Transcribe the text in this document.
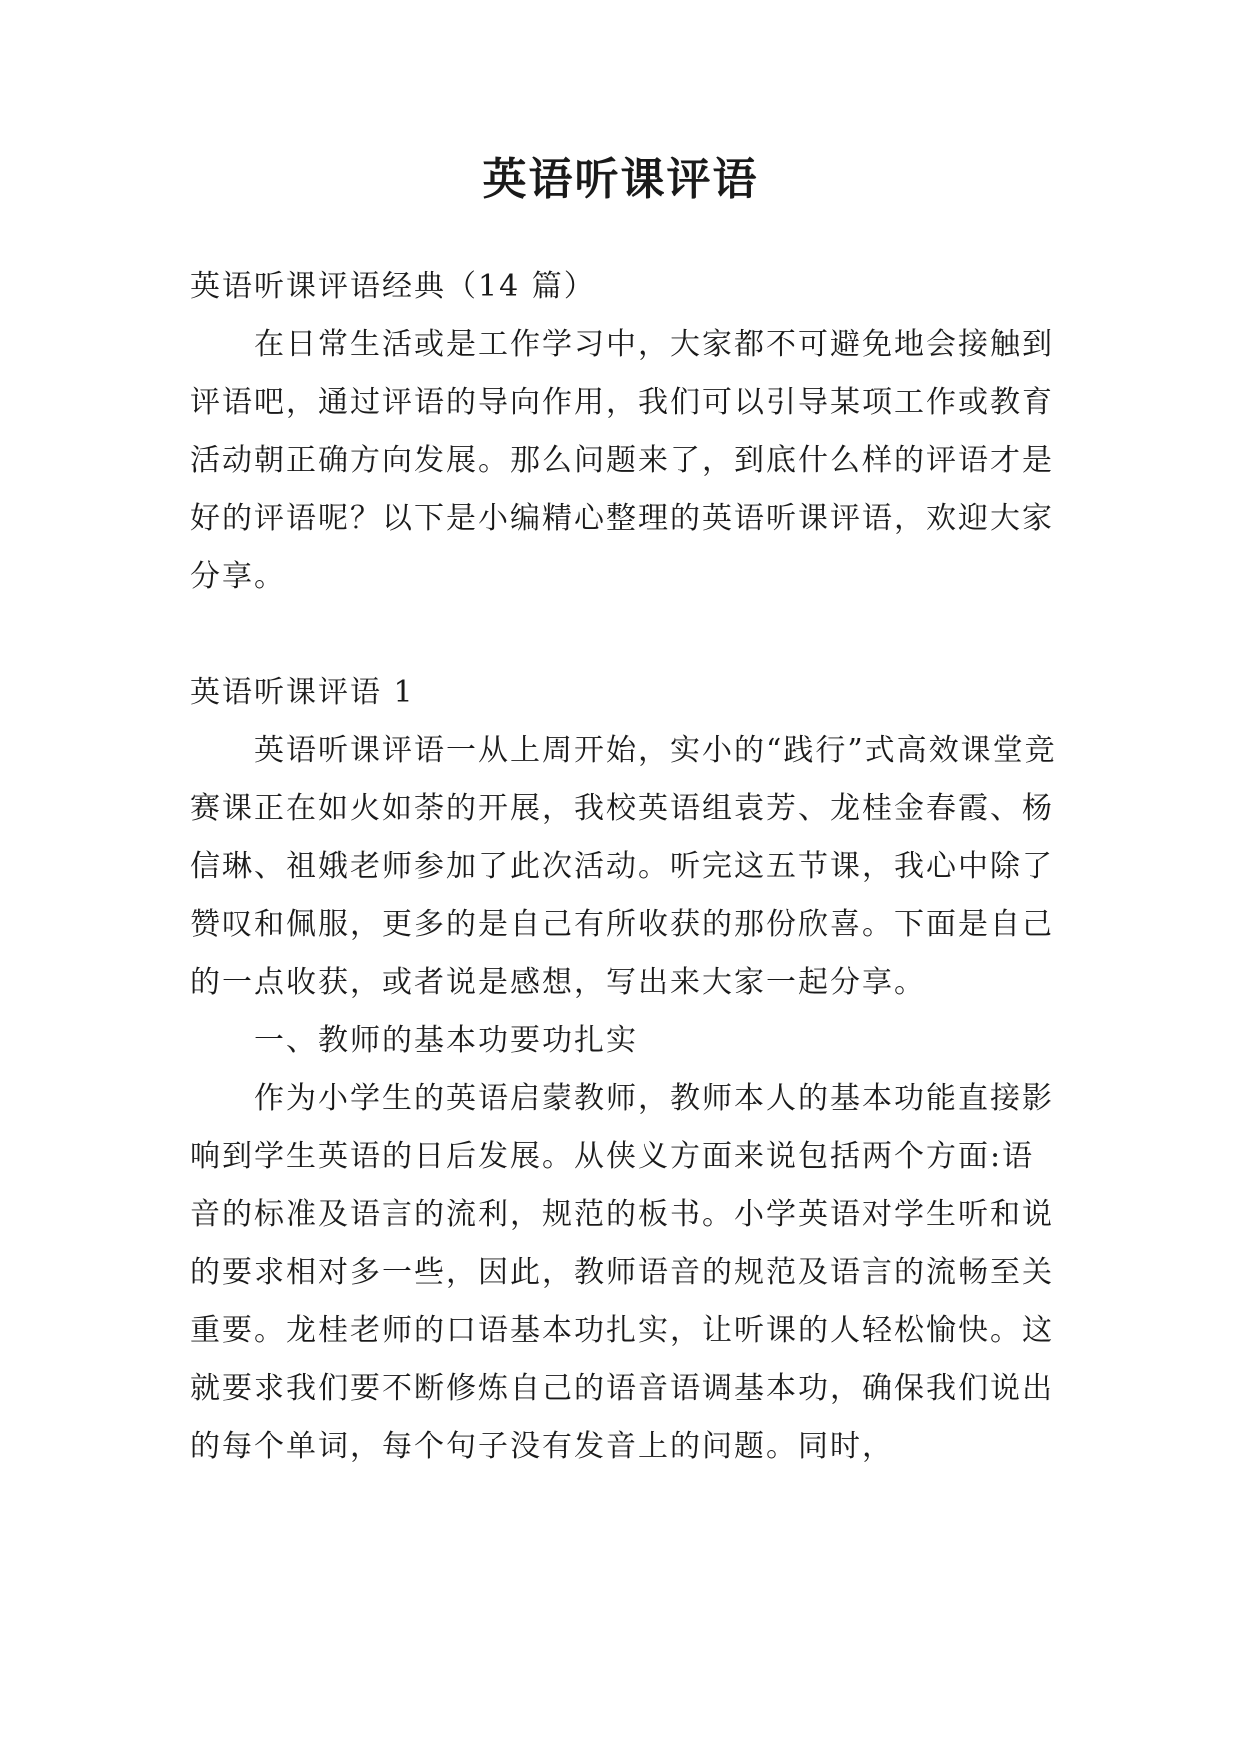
英语听课评语

英语听课评语经典（14 篇）

在日常生活或是工作学习中，大家都不可避免地会接触到评语吧，通过评语的导向作用，我们可以引导某项工作或教育活动朝正确方向发展。那么问题来了，到底什么样的评语才是好的评语呢？以下是小编精心整理的英语听课评语，欢迎大家分享。

英语听课评语 1

英语听课评语一从上周开始，实小的“践行”式高效课堂竞赛课正在如火如荼的开展，我校英语组袁芳、龙桂金春霞、杨信琳、祖娥老师参加了此次活动。听完这五节课，我心中除了赞叹和佩服，更多的是自己有所收获的那份欣喜。下面是自己的一点收获，或者说是感想，写出来大家一起分享。

一、教师的基本功要功扎实

作为小学生的英语启蒙教师，教师本人的基本功能直接影响到学生英语的日后发展。从侠义方面来说包括两个方面:语音的标准及语言的流利，规范的板书。小学英语对学生听和说的要求相对多一些，因此，教师语音的规范及语言的流畅至关重要。龙桂老师的口语基本功扎实，让听课的人轻松愉快。这就要求我们要不断修炼自己的语音语调基本功，确保我们说出的每个单词，每个句子没有发音上的问题。同时，
